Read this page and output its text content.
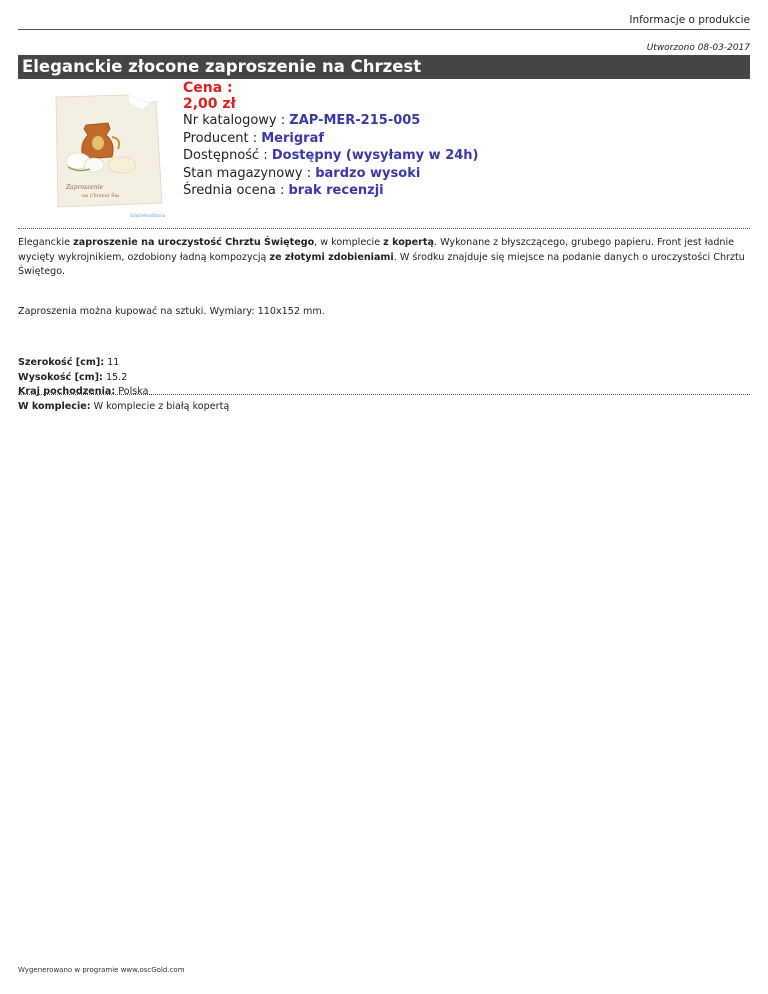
Informacje o produkcie
Utworzono 08-03-2017
Eleganckie złocone zaproszenie na Chrzest
Zaproszenie
na Chrzest Św.
SzlachetnaStrona
Cena :
2,00 zł
Nr katalogowy : ZAP-MER-215-005
Producent : Merigraf
Dostępność : Dostępny (wysyłamy w 24h)
Stan magazynowy : bardzo wysoki
Średnia ocena : brak recenzji
Eleganckie zaproszenie na uroczystość Chrztu Świętego, w komplecie z kopertą. Wykonane z błyszczącego, grubego papieru. Front jest ładnie wycięty wykrojnikiem, ozdobiony ładną kompozycją ze złotymi zdobieniami. W środku znajduje się miejsce na podanie danych o uroczystości Chrztu Świętego.
Zaproszenia można kupować na sztuki. Wymiary: 110x152 mm.
Szerokość [cm]: 11
Wysokość [cm]: 15.2
Kraj pochodzenia: Polska
W komplecie: W komplecie z białą kopertą
Wygenerowano w programie www.oscGold.com
